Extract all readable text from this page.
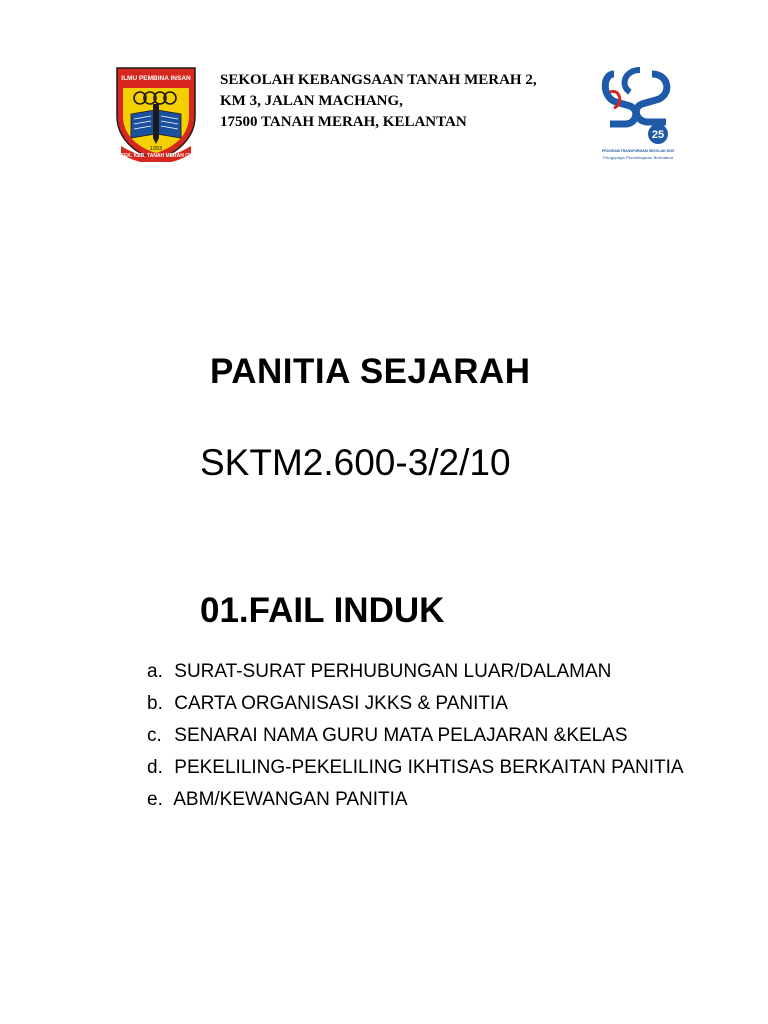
ILMU PEMBINA INSAN
1953
SEK. KEB. TANAH MERAH (2)
SEKOLAH KEBANGSAAN TANAH MERAH 2,
KM 3, JALAN MACHANG,
17500 TANAH MERAH, KELANTAN
25
PROGRAM TRANSFORMASI SEKOLAH 2025
Pengupaya Pembelajaran Bermakna
PANITIA SEJARAH
SKTM2.600-3/2/10
01.FAIL INDUK
a. SURAT-SURAT PERHUBUNGAN LUAR/DALAMAN
b. CARTA ORGANISASI JKKS & PANITIA
c. SENARAI NAMA GURU MATA PELAJARAN &KELAS
d. PEKELILING-PEKELILING IKHTISAS BERKAITAN PANITIA
e. ABM/KEWANGAN PANITIA
